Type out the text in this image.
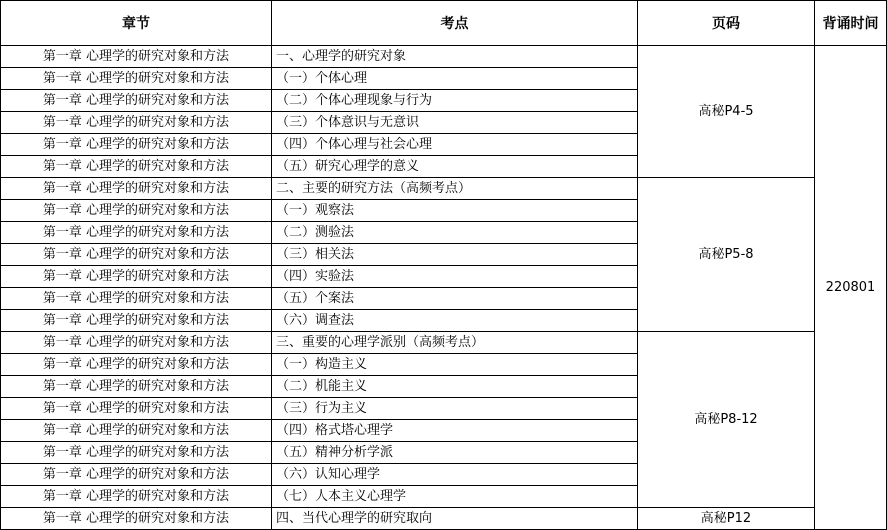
章节	考点	页码	背诵时间
第一章 心理学的研究对象和方法	一、心理学的研究对象	高秘P4-5	220801
第一章 心理学的研究对象和方法	（一）个体心理		
第一章 心理学的研究对象和方法	（二）个体心理现象与行为		
第一章 心理学的研究对象和方法	（三）个体意识与无意识		
第一章 心理学的研究对象和方法	（四）个体心理与社会心理		
第一章 心理学的研究对象和方法	（五）研究心理学的意义		
第一章 心理学的研究对象和方法	二、主要的研究方法（高频考点）	高秘P5-8	
第一章 心理学的研究对象和方法	（一）观察法		
第一章 心理学的研究对象和方法	（二）测验法		
第一章 心理学的研究对象和方法	（三）相关法		
第一章 心理学的研究对象和方法	（四）实验法		
第一章 心理学的研究对象和方法	（五）个案法		
第一章 心理学的研究对象和方法	（六）调查法		
第一章 心理学的研究对象和方法	三、重要的心理学派别（高频考点）	高秘P8-12	
第一章 心理学的研究对象和方法	（一）构造主义		
第一章 心理学的研究对象和方法	（二）机能主义		
第一章 心理学的研究对象和方法	（三）行为主义		
第一章 心理学的研究对象和方法	（四）格式塔心理学		
第一章 心理学的研究对象和方法	（五）精神分析学派		
第一章 心理学的研究对象和方法	（六）认知心理学		
第一章 心理学的研究对象和方法	（七）人本主义心理学		
第一章 心理学的研究对象和方法	四、当代心理学的研究取向	高秘P12	
